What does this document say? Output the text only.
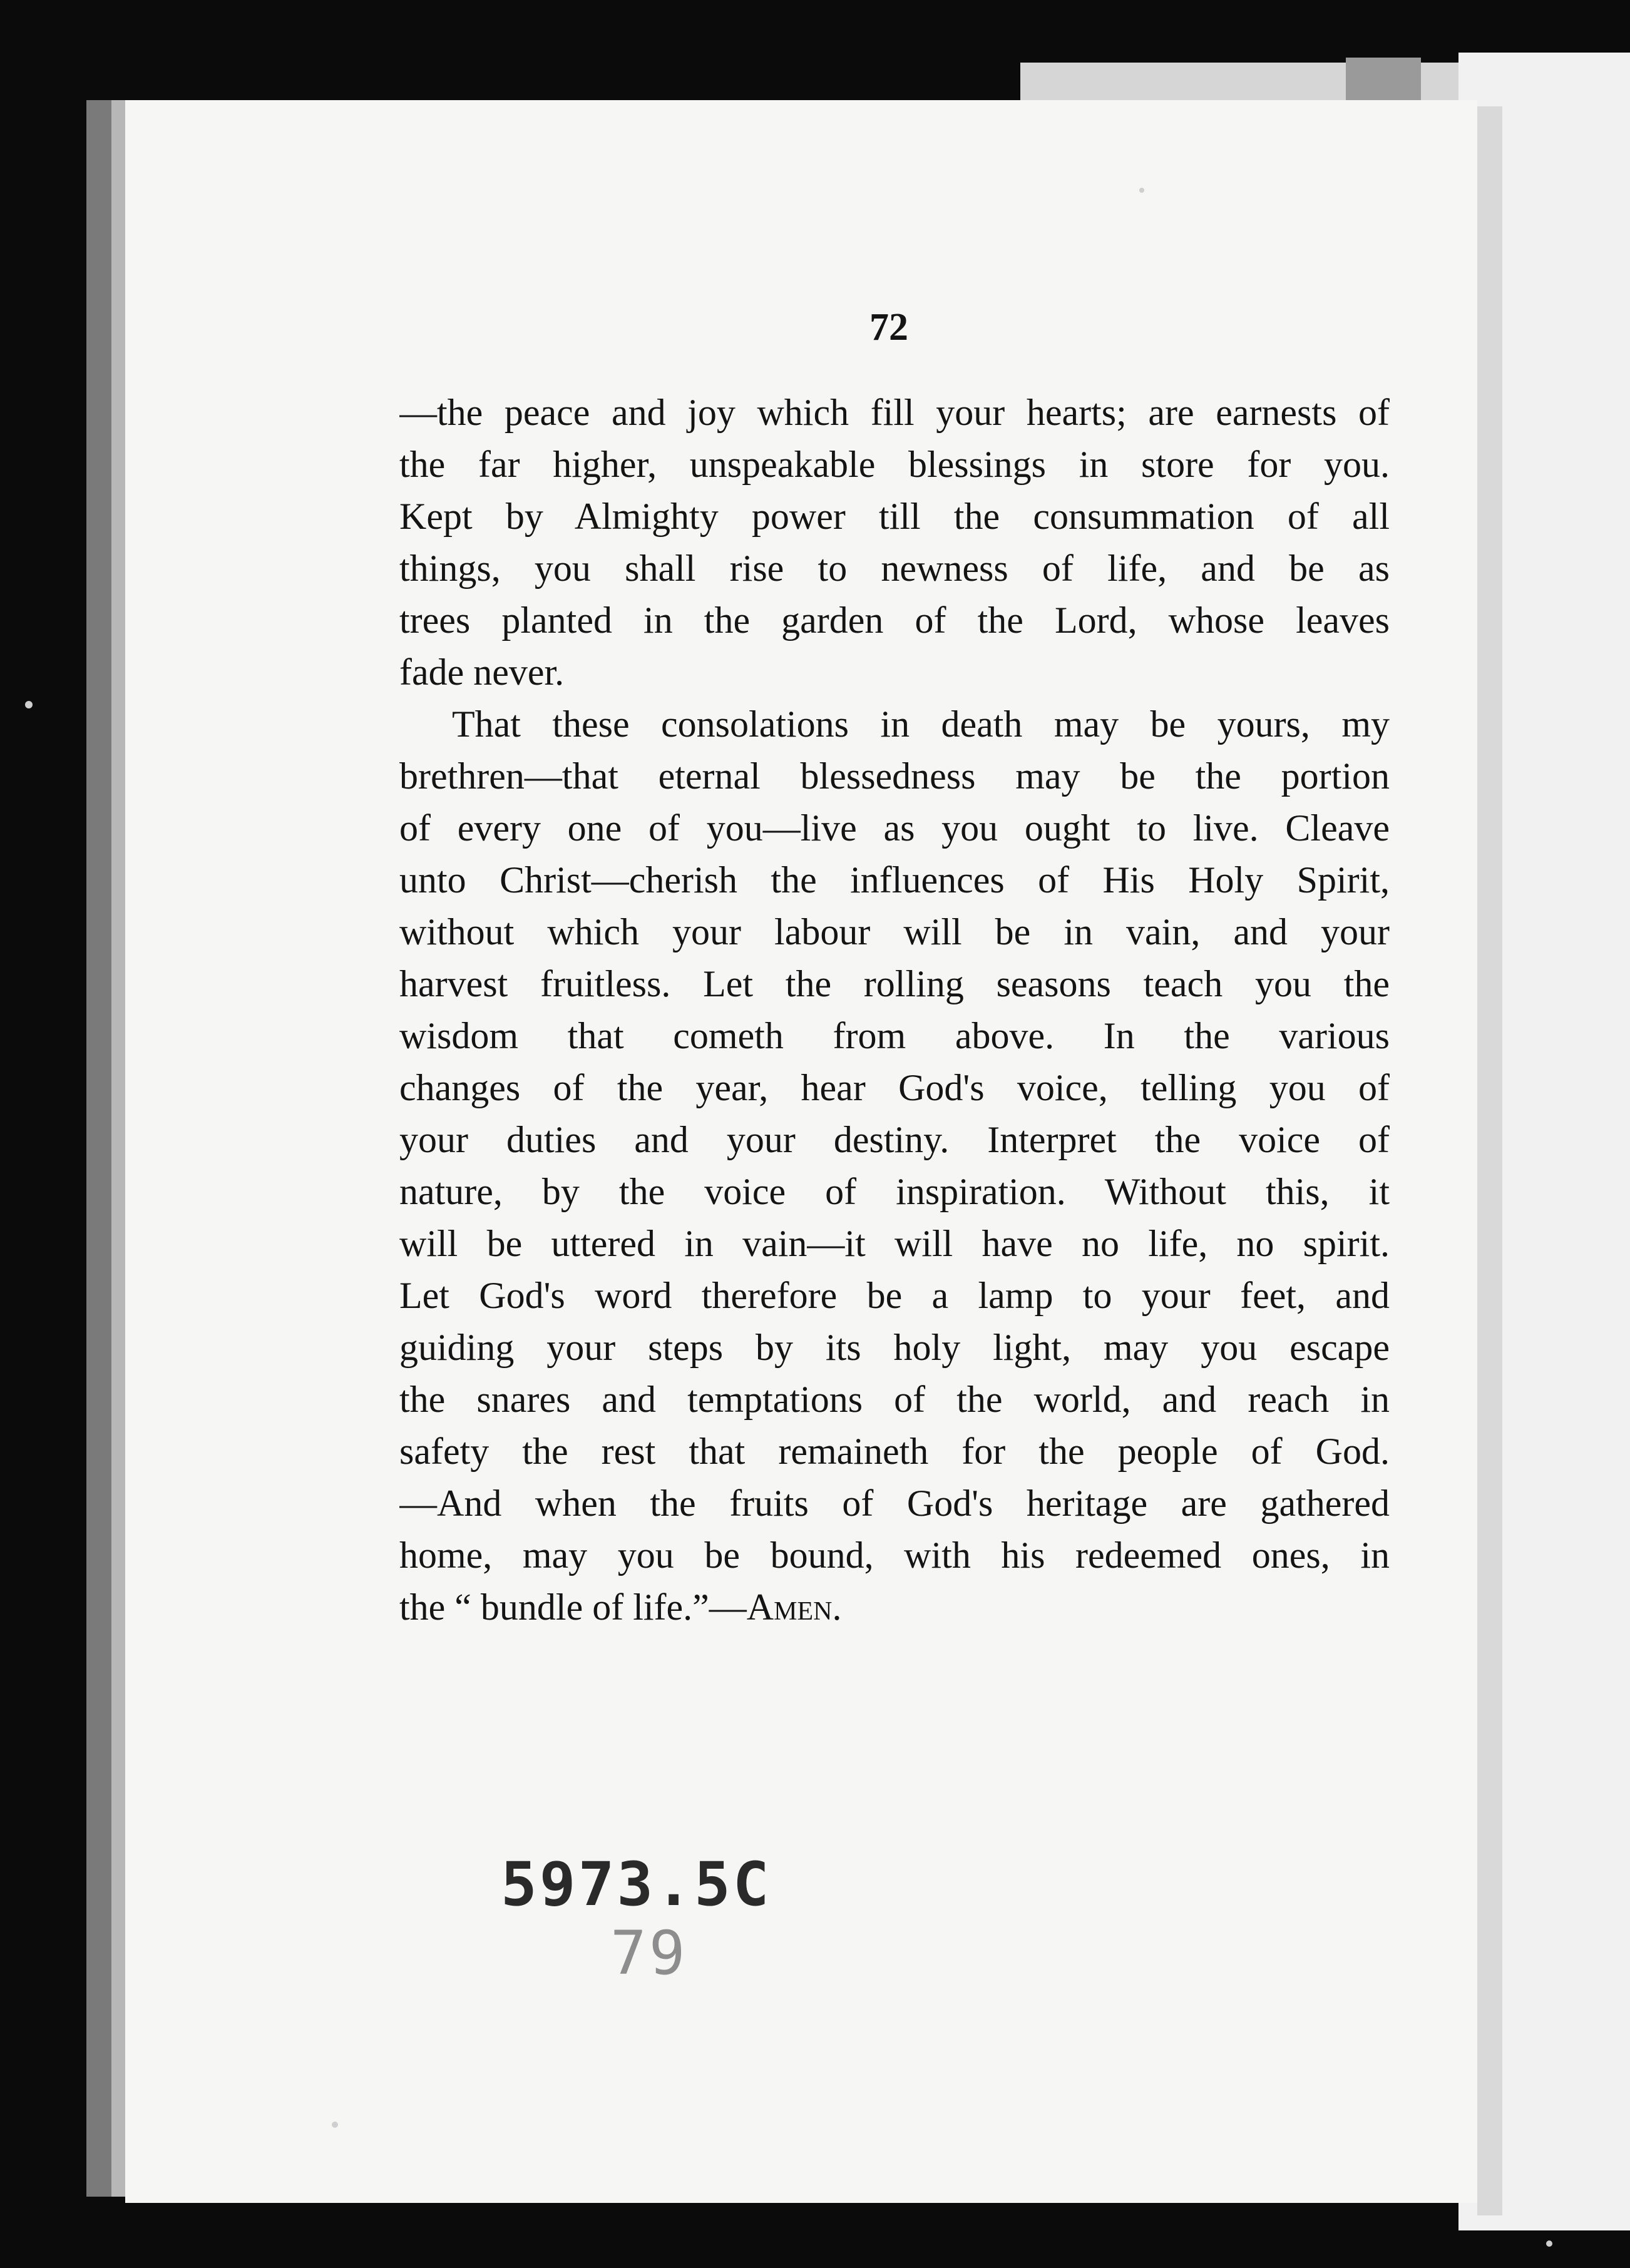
72
—the peace and joy which fill your hearts; are earnests of
the far higher, unspeakable blessings in store for you.
Kept by Almighty power till the consummation of all
things, you shall rise to newness of life, and be as
trees planted in the garden of the Lord, whose leaves
fade never.
That these consolations in death may be yours, my
brethren—that eternal blessedness may be the portion
of every one of you—live as you ought to live. Cleave
unto Christ—cherish the influences of His Holy Spirit,
without which your labour will be in vain, and your
harvest fruitless. Let the rolling seasons teach you the
wisdom that cometh from above. In the various
changes of the year, hear God's voice, telling you of
your duties and your destiny. Interpret the voice of
nature, by the voice of inspiration. Without this, it
will be uttered in vain—it will have no life, no spirit.
Let God's word therefore be a lamp to your feet, and
guiding your steps by its holy light, may you escape
the snares and temptations of the world, and reach in
safety the rest that remaineth for the people of God.
—And when the fruits of God's heritage are gathered
home, may you be bound, with his redeemed ones, in
the “ bundle of life.”—Amen.
5973.5C
79
